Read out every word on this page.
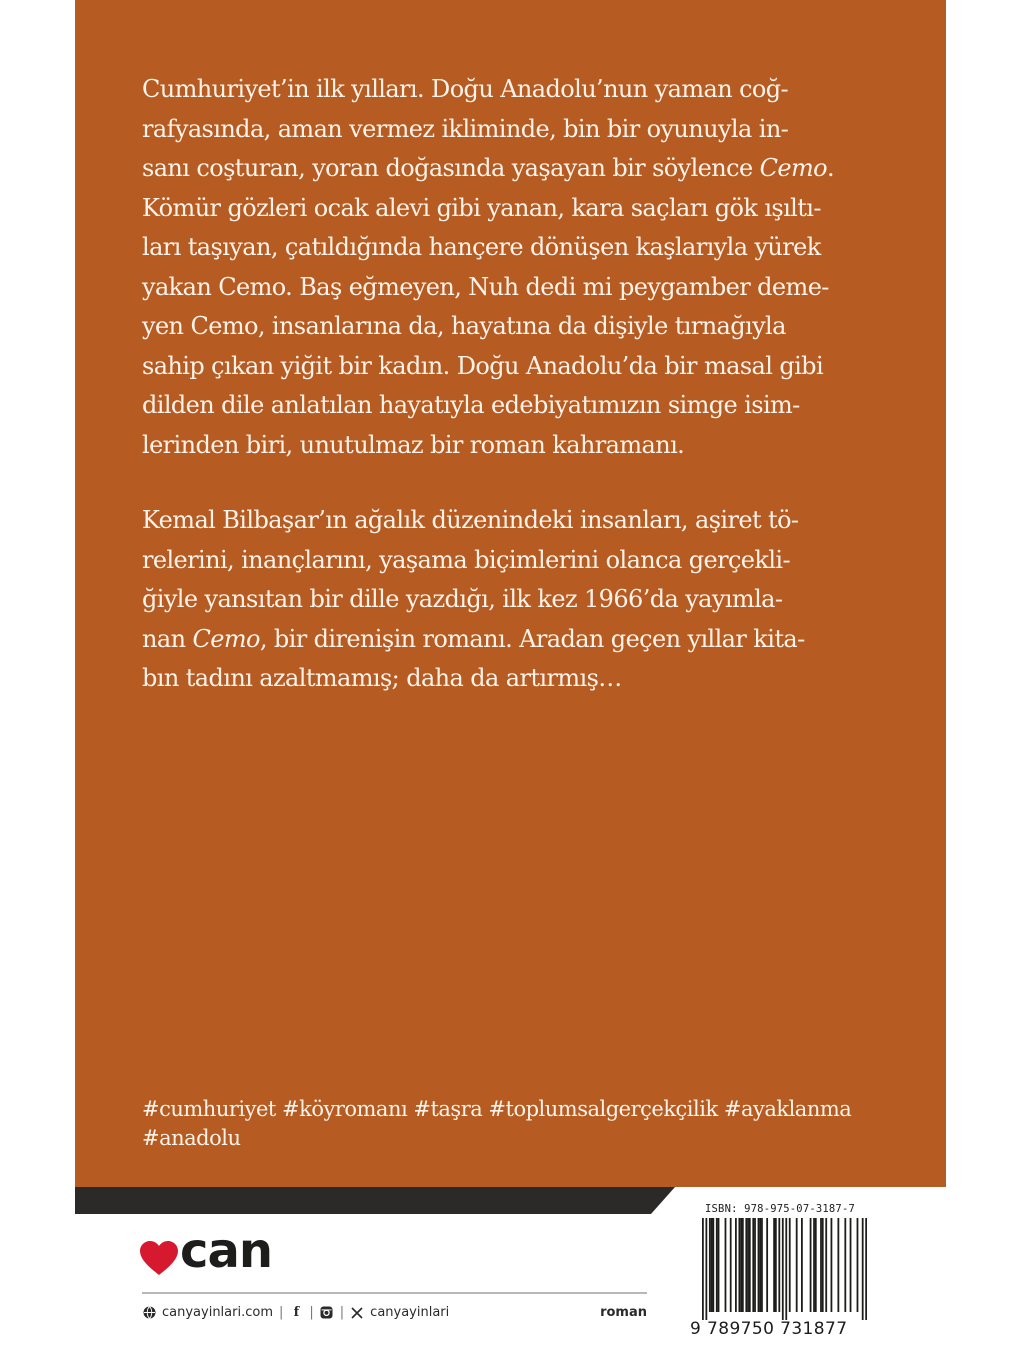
Cumhuriyet’in ilk yılları. Doğu Anadolu’nun yaman coğ-
rafyasında, aman vermez ikliminde, bin bir oyunuyla in-
sanı coşturan, yoran doğasında yaşayan bir söylence Cemo.
Kömür gözleri ocak alevi gibi yanan, kara saçları gök ışıltı-
ları taşıyan, çatıldığında hançere dönüşen kaşlarıyla yürek
yakan Cemo. Baş eğmeyen, Nuh dedi mi peygamber deme-
yen Cemo, insanlarına da, hayatına da dişiyle tırnağıyla
sahip çıkan yiğit bir kadın. Doğu Anadolu’da bir masal gibi
dilden dile anlatılan hayatıyla edebiyatımızın simge isim-
lerinden biri, unutulmaz bir roman kahramanı.

Kemal Bilbaşar’ın ağalık düzenindeki insanları, aşiret tö-
relerini, inançlarını, yaşama biçimlerini olanca gerçekli-
ğiyle yansıtan bir dille yazdığı, ilk kez 1966’da yayımla-
nan Cemo, bir direnişin romanı. Aradan geçen yıllar kita-
bın tadını azaltmamış; daha da artırmış…

#cumhuriyet #köyromanı #taşra #toplumsalgerçekçilik #ayaklanma
#anadolu
can
canyayinlari.com | f | | canyayinlari	roman
ISBN: 978-975-07-3187-7
9 789750 731877
